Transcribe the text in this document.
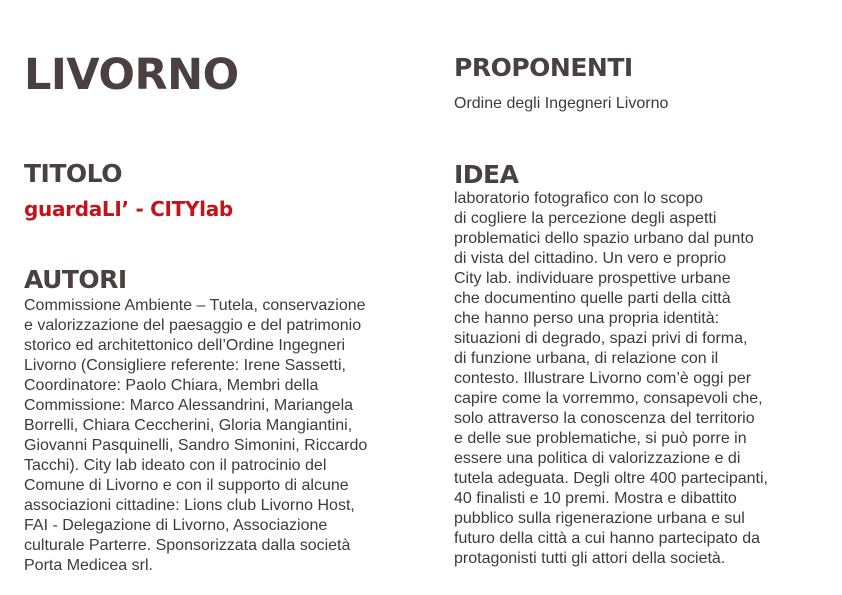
LIVORNO
TITOLO

guardaLI’ - CITYlab

AUTORI

Commissione Ambiente – Tutela, conservazione
e valorizzazione del paesaggio e del patrimonio
storico ed architettonico dell’Ordine Ingegneri
Livorno (Consigliere referente: Irene Sassetti,
Coordinatore: Paolo Chiara, Membri della
Commissione: Marco Alessandrini, Mariangela
Borrelli, Chiara Ceccherini, Gloria Mangiantini,
Giovanni Pasquinelli, Sandro Simonini, Riccardo
Tacchi). City lab ideato con il patrocinio del
Comune di Livorno e con il supporto di alcune
associazioni cittadine: Lions club Livorno Host,
FAI - Delegazione di Livorno, Associazione
culturale Parterre. Sponsorizzata dalla società
Porta Medicea srl.

PROPONENTI

Ordine degli Ingegneri Livorno

IDEA

laboratorio fotografico con lo scopo
di cogliere la percezione degli aspetti
problematici dello spazio urbano dal punto
di vista del cittadino. Un vero e proprio
City lab. individuare prospettive urbane
che documentino quelle parti della città
che hanno perso una propria identità:
situazioni di degrado, spazi privi di forma,
di funzione urbana, di relazione con il
contesto. Illustrare Livorno com’è oggi per
capire come la vorremmo, consapevoli che,
solo attraverso la conoscenza del territorio
e delle sue problematiche, si può porre in
essere una politica di valorizzazione e di
tutela adeguata. Degli oltre 400 partecipanti,
40 finalisti e 10 premi. Mostra e dibattito
pubblico sulla rigenerazione urbana e sul
futuro della città a cui hanno partecipato da
protagonisti tutti gli attori della società.
